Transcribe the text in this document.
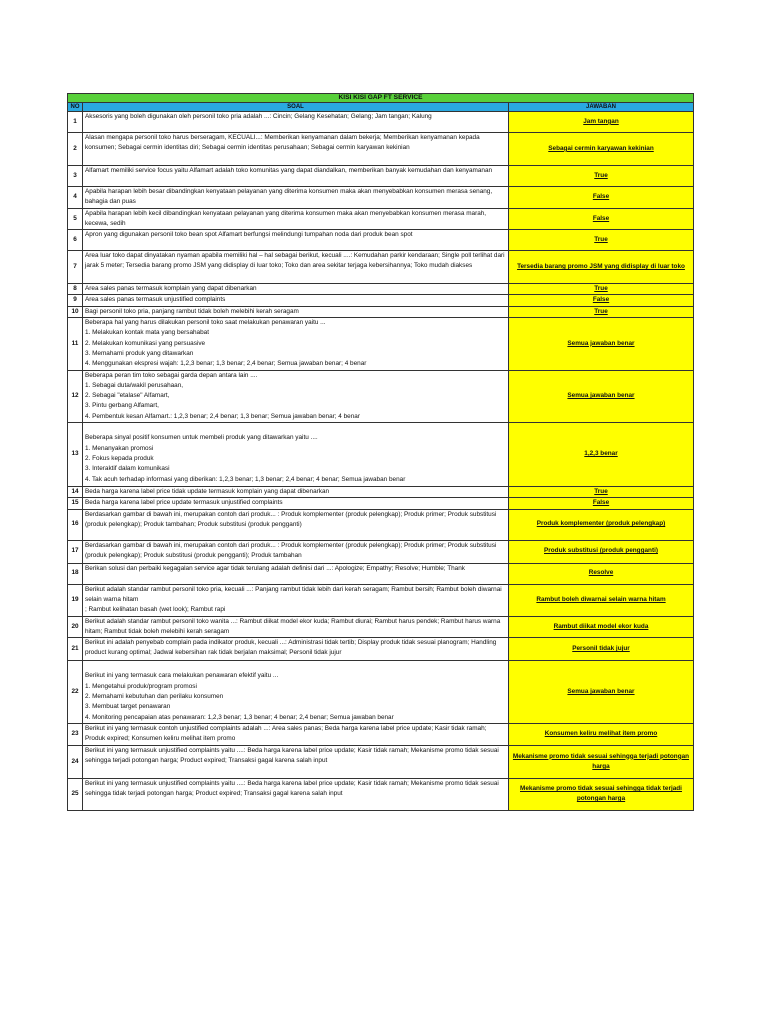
KISI KISI GAP FT SERVICE		
NO	SOAL	JAWABAN
1	Aksesoris yang boleh digunakan oleh personil toko pria adalah ...: Cincin; Gelang Kesehatan; Gelang; Jam tangan; Kalung	Jam tangan
2	Alasan mengapa personil toko harus berseragam, KECUALI...: Memberikan kenyamanan dalam bekerja; Memberikan kenyamanan kepada konsumen; Sebagai cermin identitas diri; Sebagai cermin identitas perusahaan; Sebagai cermin karyawan kekinian	Sebagai cermin karyawan kekinian
3	Alfamart memiliki service focus yaitu Alfamart adalah toko komunitas yang dapat diandalkan, memberikan banyak kemudahan dan kenyamanan	True
4	Apabila harapan lebih besar dibandingkan kenyataan pelayanan yang diterima konsumen maka akan menyebabkan konsumen merasa senang, bahagia dan puas	False
5	Apabila harapan lebih kecil dibandingkan kenyataan pelayanan yang diterima konsumen maka akan menyebabkan konsumen merasa marah, kecewa, sedih	False
6	Apron yang digunakan personil toko bean spot Alfamart berfungsi melindungi tumpahan noda dari produk bean spot	True
7	Area luar toko dapat dinyatakan nyaman apabila memiliki hal – hal sebagai berikut, kecuali ....: Kemudahan parkir kendaraan; Single poll terlihat dari jarak 5 meter; Tersedia barang promo JSM yang didisplay di luar toko; Toko dan area sekitar terjaga kebersihannya; Toko mudah diakses	Tersedia barang promo JSM yang didisplay di luar toko
8	Area sales panas termasuk komplain yang dapat dibenarkan	True
9	Area sales panas termasuk unjustified complaints	False
10	Bagi personil toko pria, panjang rambut tidak boleh melebihi kerah seragam	True
11	Beberapa hal yang harus dilakukan personil toko saat melakukan penawaran yaitu ...
1. Melakukan kontak mata yang bersahabat
2. Melakukan komunikasi yang persuasive
3. Memahami produk yang ditawarkan
4. Menggunakan ekspresi wajah: 1,2,3 benar; 1,3 benar; 2,4 benar; Semua jawaban benar; 4 benar	Semua jawaban benar
12	Beberapa peran tim toko sebagai garda depan antara lain ....
1. Sebagai duta/wakil perusahaan,
2. Sebagai "etalase" Alfamart,
3. Pintu gerbang Alfamart,
4. Pembentuk kesan Alfamart.: 1,2,3 benar; 2,4 benar; 1,3 benar; Semua jawaban benar; 4 benar	Semua jawaban benar
13	
Beberapa sinyal positif konsumen untuk membeli produk yang ditawarkan yaitu ....
1. Menanyakan promosi
2. Fokus kepada produk
3. Interaktif dalam komunikasi
4. Tak acuh terhadap informasi yang diberikan: 1,2,3 benar; 1,3 benar; 2,4 benar; 4 benar; Semua jawaban benar	1,2,3 benar
14	Beda harga karena label price tidak update termasuk komplain yang dapat dibenarkan	True
15	Beda harga karena label price update termasuk unjustified complaints	False
16	Berdasarkan gambar di bawah ini, merupakan contoh dari produk... : Produk komplementer (produk pelengkap); Produk primer; Produk substitusi (produk pelengkap); Produk tambahan; Produk substitusi (produk pengganti)	Produk komplementer (produk pelengkap)
17	Berdasarkan gambar di bawah ini, merupakan contoh dari produk... : Produk komplementer (produk pelengkap); Produk primer; Produk substitusi (produk pelengkap); Produk substitusi (produk pengganti); Produk tambahan	Produk substitusi (produk pengganti)
18	Berikan solusi dan perbaiki kegagalan service agar tidak terulang adalah definisi dari ...: Apologize; Empathy; Resolve; Humble; Thank	Resolve
19	Berikut adalah standar rambut personil toko pria, kecuali ...: Panjang rambut tidak lebih dari kerah seragam; Rambut bersih; Rambut boleh diwarnai selain warna hitam
; Rambut kelihatan basah (wet look); Rambut rapi	Rambut boleh diwarnai selain warna hitam
20	Berikut adalah standar rambut personil toko wanita ...: Rambut diikat model ekor kuda; Rambut diurai; Rambut harus pendek; Rambut harus warna hitam; Rambut tidak boleh melebihi kerah seragam	Rambut diikat model ekor kuda
21	Berikut ini adalah penyebab complain pada indikator produk, kecuali ...: Administrasi tidak tertib; Display produk tidak sesuai planogram; Handling product kurang optimal; Jadwal kebersihan rak tidak berjalan maksimal; Personil tidak jujur	Personil tidak jujur
22	
Berikut ini yang termasuk cara melakukan penawaran efektif yaitu ...
1. Mengetahui produk/program promosi
2. Memahami kebutuhan dan perilaku konsumen
3. Membuat target penawaran
4. Monitoring pencapaian atas penawaran: 1,2,3 benar; 1,3 benar; 4 benar; 2,4 benar; Semua jawaban benar	Semua jawaban benar
23	Berikut ini yang termasuk contoh unjustified complaints adalah ...: Area sales panas; Beda harga karena label price update; Kasir tidak ramah; Produk expired; Konsumen keliru melihat item promo	Konsumen keliru melihat item promo
24	Berikut ini yang termasuk unjustified complaints yaitu ....: Beda harga karena label price update; Kasir tidak ramah; Mekanisme promo tidak sesuai sehingga terjadi potongan harga; Product expired; Transaksi gagal karena salah input	Mekanisme promo tidak sesuai sehingga terjadi potongan harga
25	Berikut ini yang termasuk unjustified complaints yaitu ....: Beda harga karena label price update; Kasir tidak ramah; Mekanisme promo tidak sesuai sehingga tidak terjadi potongan harga; Product expired; Transaksi gagal karena salah input	Mekanisme promo tidak sesuai sehingga tidak terjadi potongan harga
